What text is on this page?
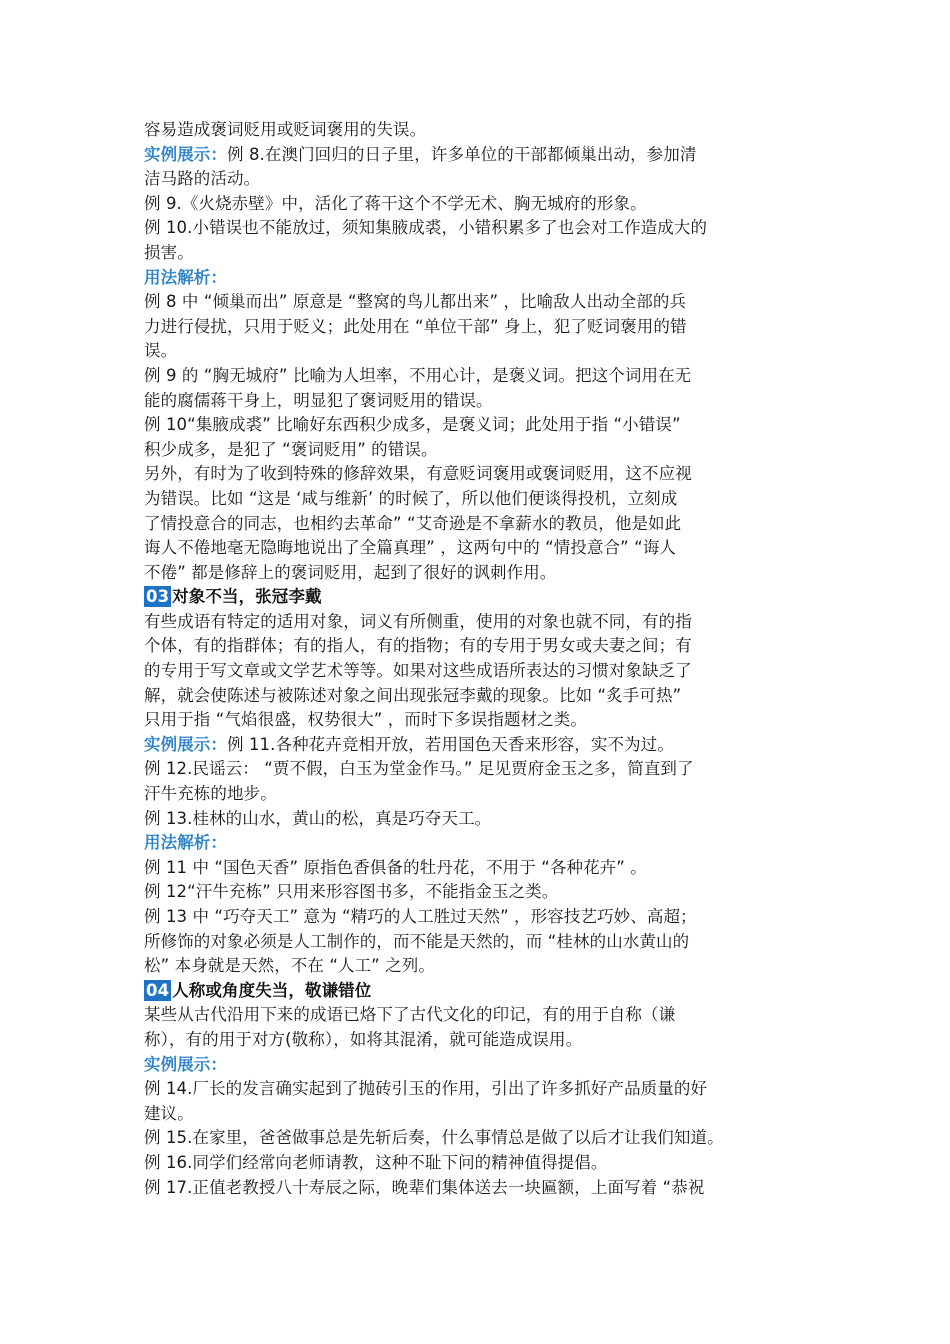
容易造成褒词贬用或贬词褒用的失误。
实例展示：例 8.在澳门回归的日子里，许多单位的干部都倾巢出动，参加清
洁马路的活动。
例 9.《火烧赤壁》中，活化了蒋干这个不学无术、胸无城府的形象。
例 10.小错误也不能放过，须知集腋成裘，小错积累多了也会对工作造成大的
损害。
用法解析：
例 8 中 “倾巢而出” 原意是 “整窝的鸟儿都出来” ，比喻敌人出动全部的兵
力进行侵扰，只用于贬义；此处用在 “单位干部” 身上，犯了贬词褒用的错
误。
例 9 的 “胸无城府” 比喻为人坦率，不用心计，是褒义词。把这个词用在无
能的腐儒蒋干身上，明显犯了褒词贬用的错误。
例 10“集腋成裘” 比喻好东西积少成多，是褒义词；此处用于指 “小错误”
积少成多，是犯了 “褒词贬用” 的错误。
另外，有时为了收到特殊的修辞效果，有意贬词褒用或褒词贬用，这不应视
为错误。比如 “这是 ‘咸与维新’ 的时候了，所以他们便谈得投机，立刻成
了情投意合的同志，也相约去革命” “艾奇逊是不拿薪水的教员，他是如此
诲人不倦地毫无隐晦地说出了全篇真理” ，这两句中的 “情投意合” “诲人
不倦” 都是修辞上的褒词贬用，起到了很好的讽刺作用。
03 对象不当，张冠李戴
有些成语有特定的适用对象，词义有所侧重，使用的对象也就不同，有的指
个体，有的指群体；有的指人，有的指物；有的专用于男女或夫妻之间；有
的专用于写文章或文学艺术等等。如果对这些成语所表达的习惯对象缺乏了
解，就会使陈述与被陈述对象之间出现张冠李戴的现象。比如 “炙手可热”
只用于指 “气焰很盛，权势很大” ，而时下多误指题材之类。
实例展示：例 11.各种花卉竞相开放，若用国色天香来形容，实不为过。
例 12.民谣云： “贾不假，白玉为堂金作马。” 足见贾府金玉之多，简直到了
汗牛充栋的地步。
例 13.桂林的山水，黄山的松，真是巧夺天工。
用法解析：
例 11 中 “国色天香” 原指色香俱备的牡丹花，不用于 “各种花卉” 。
例 12“汗牛充栋” 只用来形容图书多，不能指金玉之类。
例 13 中 “巧夺天工” 意为 “精巧的人工胜过天然” ，形容技艺巧妙、高超；
所修饰的对象必须是人工制作的，而不能是天然的，而 “桂林的山水黄山的
松” 本身就是天然，不在 “人工” 之列。
04 人称或角度失当，敬谦错位
某些从古代沿用下来的成语已烙下了古代文化的印记，有的用于自称（谦
称），有的用于对方(敬称），如将其混淆，就可能造成误用。
实例展示：
例 14.厂长的发言确实起到了抛砖引玉的作用，引出了许多抓好产品质量的好
建议。
例 15.在家里，爸爸做事总是先斩后奏，什么事情总是做了以后才让我们知道。
例 16.同学们经常向老师请教，这种不耻下问的精神值得提倡。
例 17.正值老教授八十寿辰之际，晚辈们集体送去一块匾额，上面写着 “恭祝
